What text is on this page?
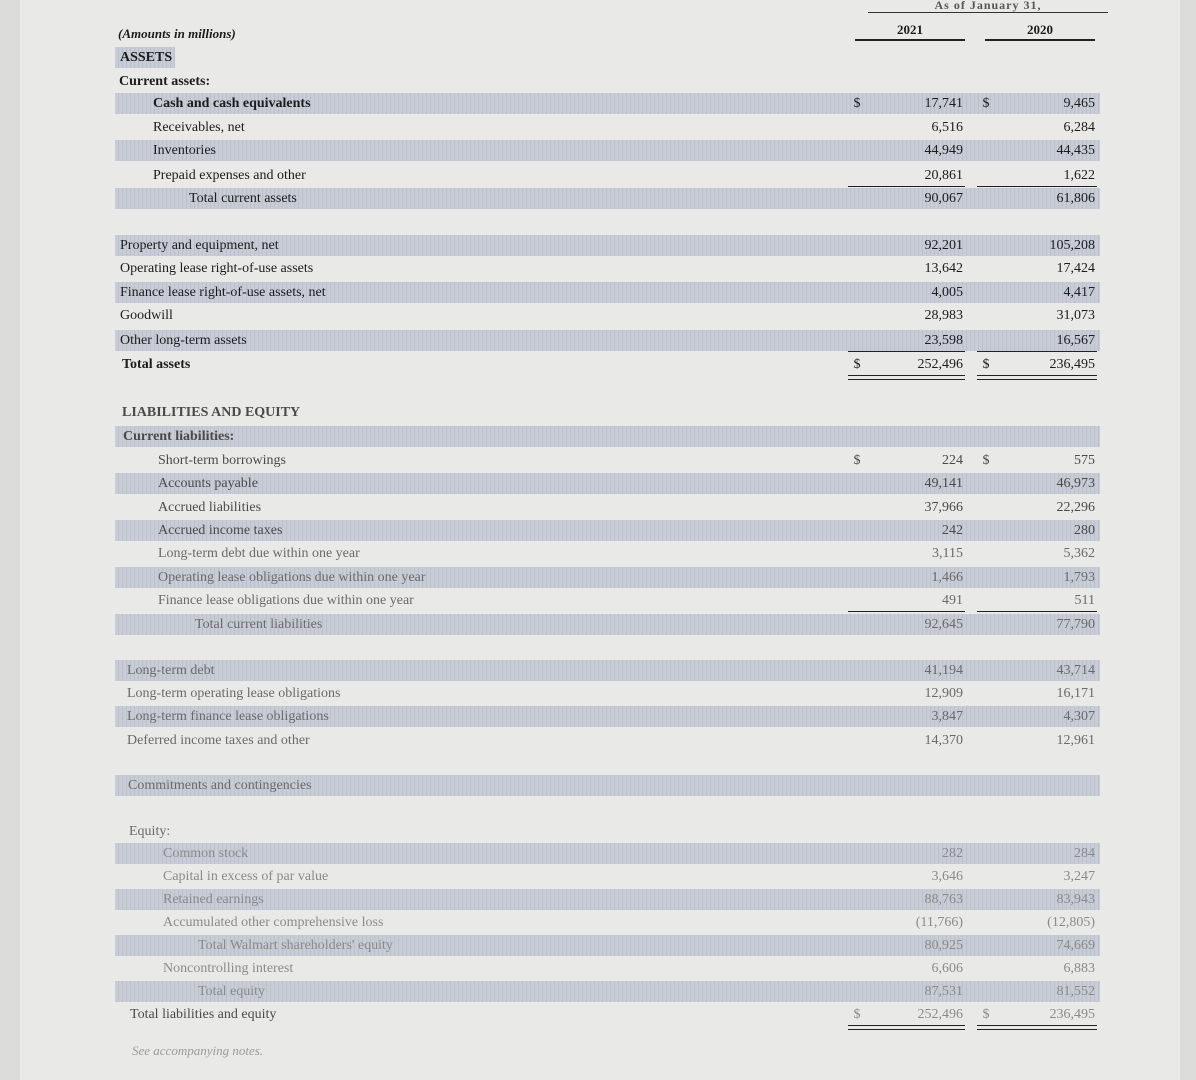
As of January 31,
2021	2020
(Amounts in millions)
ASSETS
Current assets:
Cash and cash equivalents	$	17,741	$	9,465
Receivables, net	6,516	6,284
Inventories	44,949	44,435
Prepaid expenses and other	20,861	1,622
Total current assets	90,067	61,806
Property and equipment, net	92,201	105,208
Operating lease right-of-use assets	13,642	17,424
Finance lease right-of-use assets, net	4,005	4,417
Goodwill	28,983	31,073
Other long-term assets	23,598	16,567
Total assets	$	252,496	$	236,495
LIABILITIES AND EQUITY
Current liabilities:
Short-term borrowings	$	224	$	575
Accounts payable	49,141	46,973
Accrued liabilities	37,966	22,296
Accrued income taxes	242	280
Long-term debt due within one year	3,115	5,362
Operating lease obligations due within one year	1,466	1,793
Finance lease obligations due within one year	491	511
Total current liabilities	92,645	77,790
Long-term debt	41,194	43,714
Long-term operating lease obligations	12,909	16,171
Long-term finance lease obligations	3,847	4,307
Deferred income taxes and other	14,370	12,961
Commitments and contingencies
Equity:
Common stock	282	284
Capital in excess of par value	3,646	3,247
Retained earnings	88,763	83,943
Accumulated other comprehensive loss	(11,766)	(12,805)
Total Walmart shareholders' equity	80,925	74,669
Noncontrolling interest	6,606	6,883
Total equity	87,531	81,552
Total liabilities and equity	$	252,496	$	236,495
See accompanying notes.
